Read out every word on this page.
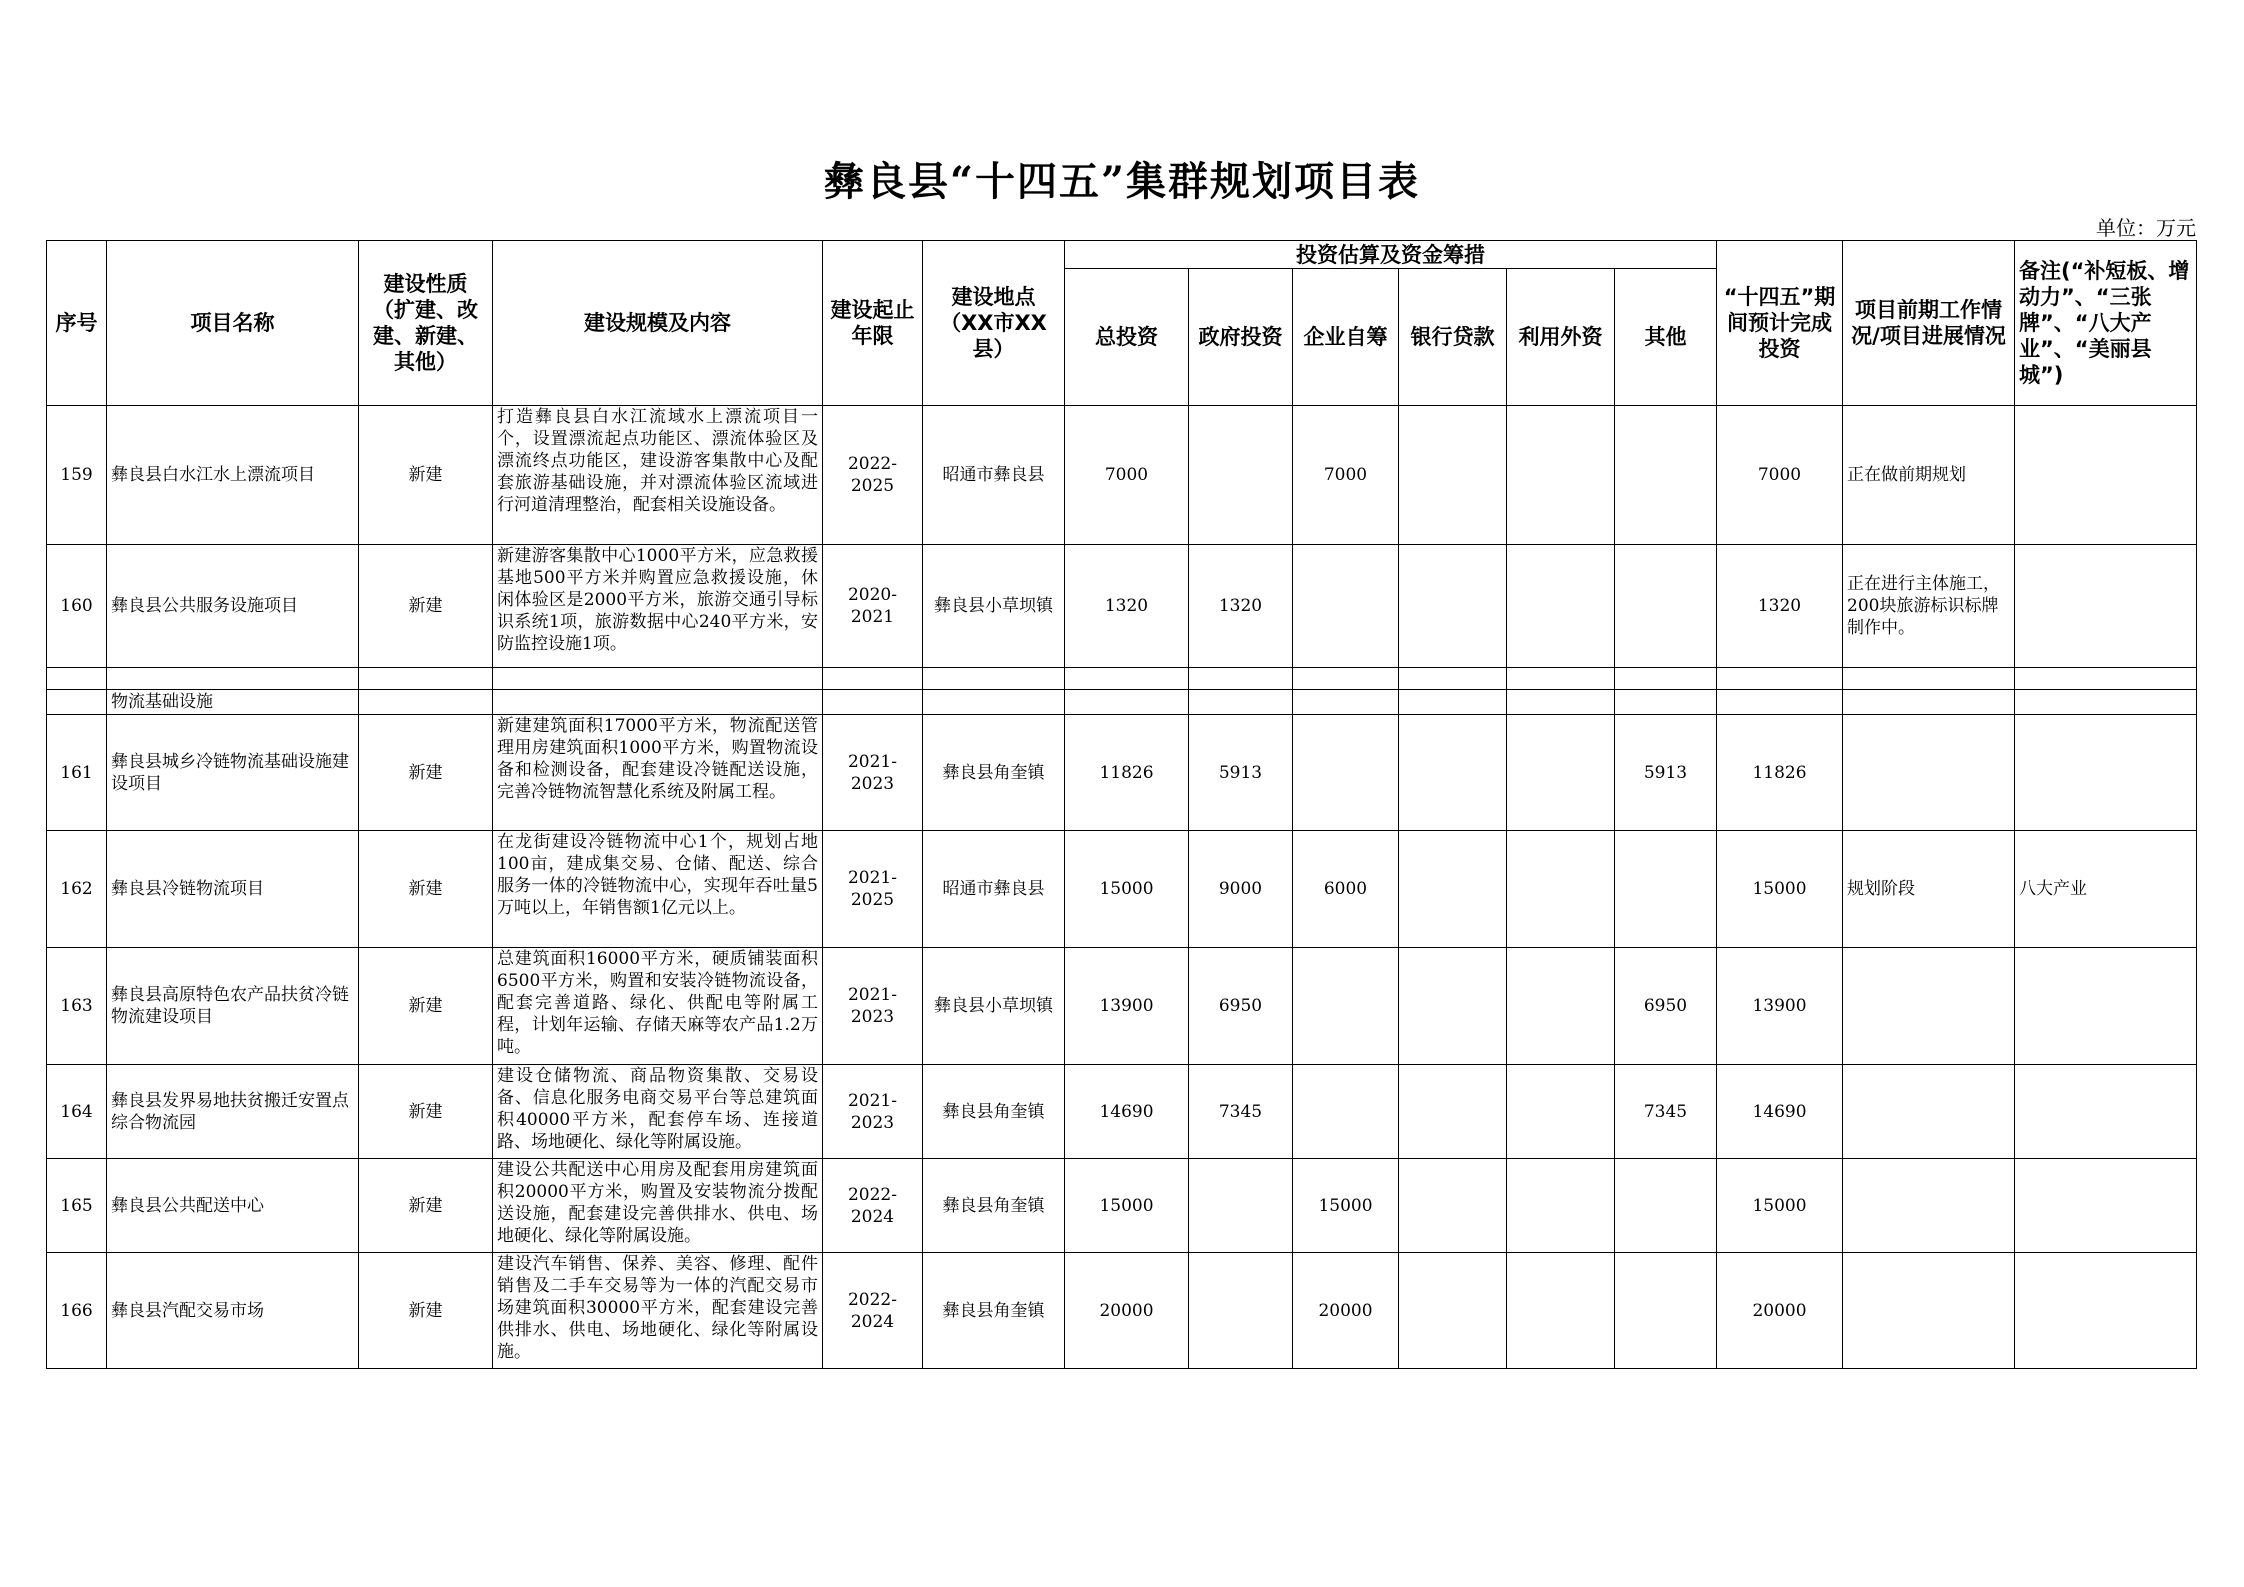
彝良县“十四五”集群规划项目表
单位：万元
序号	项目名称	建设性质（扩建、改建、新建、其他）	建设规模及内容	建设起止年限	建设地点（XX市XX县）	投资估算及资金筹措						“十四五”期间预计完成投资	项目前期工作情况/项目进展情况	备注(“补短板、增动力”、“三张牌”、“八大产业”、“美丽县城”)
						总投资	政府投资	企业自筹	银行贷款	利用外资	其他			
159	彝良县白水江水上漂流项目	新建	打造彝良县白水江流域水上漂流项目一个，设置漂流起点功能区、漂流体验区及漂流终点功能区，建设游客集散中心及配套旅游基础设施，并对漂流体验区流域进行河道清理整治，配套相关设施设备。	2022-2025	昭通市彝良县	7000		7000				7000	正在做前期规划	
160	彝良县公共服务设施项目	新建	新建游客集散中心1000平方米，应急救援基地500平方米并购置应急救援设施，休闲体验区是2000平方米，旅游交通引导标识系统1项，旅游数据中心240平方米，安防监控设施1项。	2020-2021	彝良县小草坝镇	1320	1320					1320	正在进行主体施工，200块旅游标识标牌制作中。	

	物流基础设施													
161	彝良县城乡冷链物流基础设施建设项目	新建	新建建筑面积17000平方米，物流配送管理用房建筑面积1000平方米，购置物流设备和检测设备，配套建设冷链配送设施，完善冷链物流智慧化系统及附属工程。	2021-2023	彝良县角奎镇	11826	5913				5913	11826		
162	彝良县冷链物流项目	新建	在龙街建设冷链物流中心1个，规划占地100亩，建成集交易、仓储、配送、综合服务一体的冷链物流中心，实现年吞吐量5万吨以上，年销售额1亿元以上。	2021-2025	昭通市彝良县	15000	9000	6000				15000	规划阶段	八大产业
163	彝良县高原特色农产品扶贫冷链物流建设项目	新建	总建筑面积16000平方米，硬质铺装面积6500平方米，购置和安装冷链物流设备，配套完善道路、绿化、供配电等附属工程，计划年运输、存储天麻等农产品1.2万吨。	2021-2023	彝良县小草坝镇	13900	6950				6950	13900		
164	彝良县发界易地扶贫搬迁安置点综合物流园	新建	建设仓储物流、商品物资集散、交易设备、信息化服务电商交易平台等总建筑面积40000平方米，配套停车场、连接道路、场地硬化、绿化等附属设施。	2021-2023	彝良县角奎镇	14690	7345				7345	14690		
165	彝良县公共配送中心	新建	建设公共配送中心用房及配套用房建筑面积20000平方米，购置及安装物流分拨配送设施，配套建设完善供排水、供电、场地硬化、绿化等附属设施。	2022-2024	彝良县角奎镇	15000		15000				15000		
166	彝良县汽配交易市场	新建	建设汽车销售、保养、美容、修理、配件销售及二手车交易等为一体的汽配交易市场建筑面积30000平方米，配套建设完善供排水、供电、场地硬化、绿化等附属设施。	2022-2024	彝良县角奎镇	20000		20000				20000		
